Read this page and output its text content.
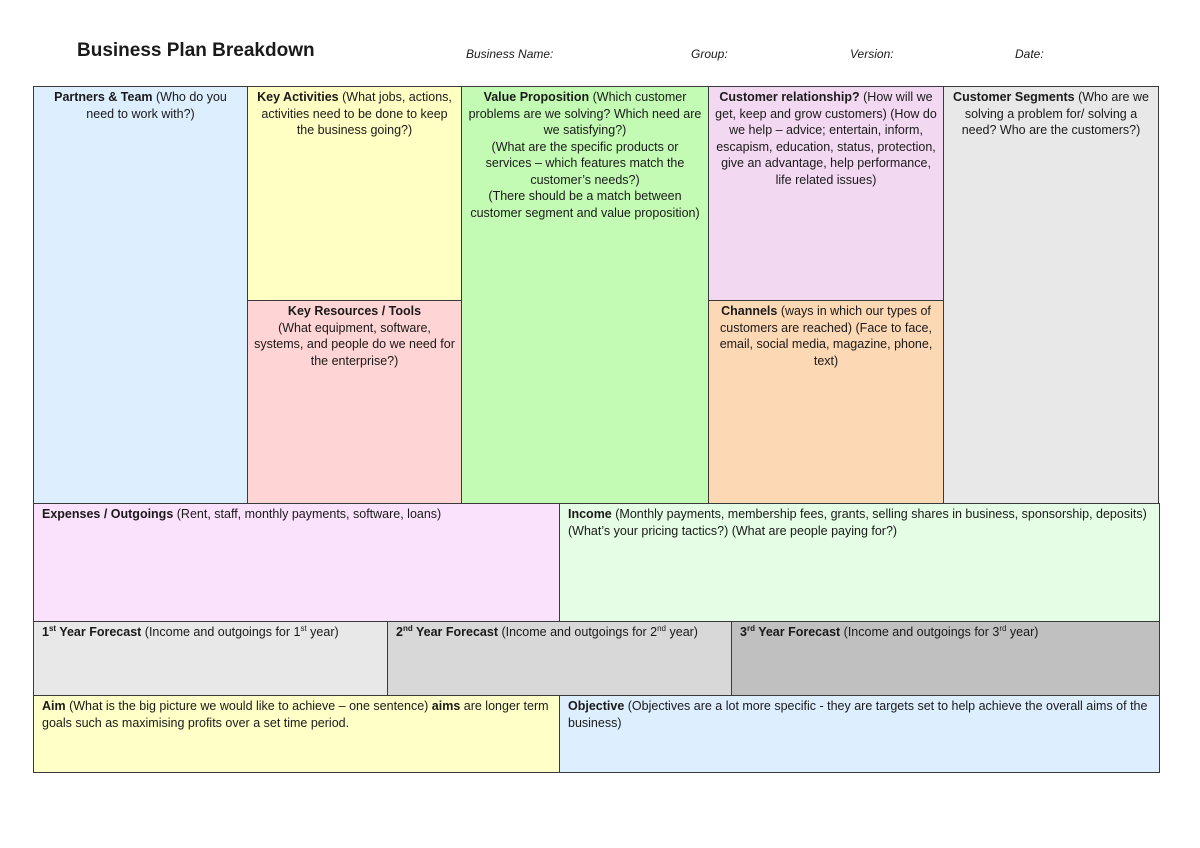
Business Plan Breakdown	Business Name:	Group:	Version:	Date:
Partners & Team (Who do you need to work with?)
Key Activities (What jobs, actions, activities need to be done to keep the business going?)
Key Resources / Tools
(What equipment, software, systems, and people do we need for the enterprise?)
Value Proposition (Which customer problems are we solving? Which need are we satisfying?)
(What are the specific products or services – which features match the customer’s needs?)
(There should be a match between customer segment and value proposition)
Customer relationship? (How will we get, keep and grow customers) (How do we help – advice; entertain, inform, escapism, education, status, protection, give an advantage, help performance, life related issues)
Channels (ways in which our types of customers are reached) (Face to face, email, social media, magazine, phone, text)
Customer Segments (Who are we solving a problem for/ solving a need? Who are the customers?)
Expenses / Outgoings (Rent, staff, monthly payments, software, loans)	Income (Monthly payments, membership fees, grants, selling shares in business, sponsorship, deposits) (What’s your pricing tactics?) (What are people paying for?)
1st Year Forecast (Income and outgoings for 1st year)	2nd Year Forecast (Income and outgoings for 2nd year)	3rd Year Forecast (Income and outgoings for 3rd year)
Aim (What is the big picture we would like to achieve – one sentence) aims are longer term goals such as maximising profits over a set time period.
Objective (Objectives are a lot more specific - they are targets set to help achieve the overall aims of the business)
